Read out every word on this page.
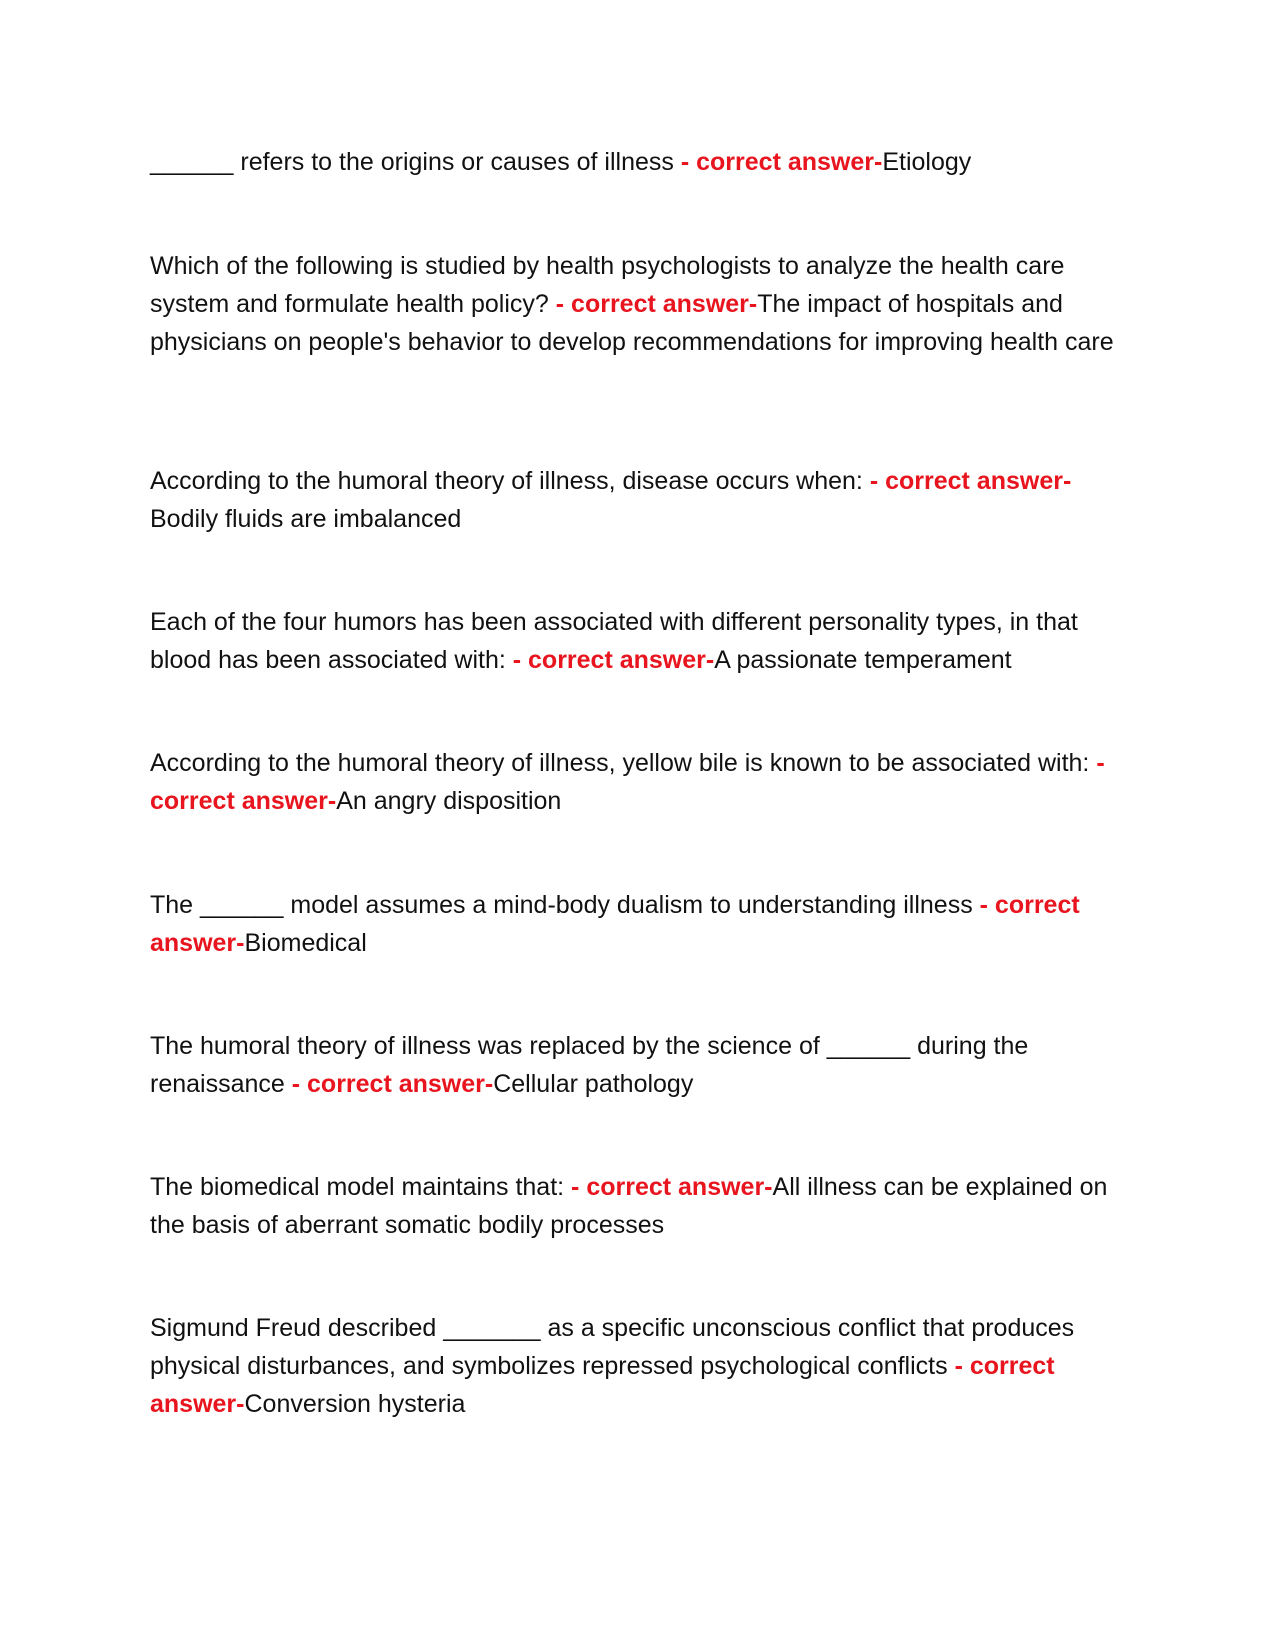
______ refers to the origins or causes of illness - correct answer-Etiology

Which of the following is studied by health psychologists to analyze the health care system and formulate health policy? - correct answer-The impact of hospitals and physicians on people's behavior to develop recommendations for improving health care

According to the humoral theory of illness, disease occurs when: - correct answer-Bodily fluids are imbalanced

Each of the four humors has been associated with different personality types, in that blood has been associated with: - correct answer-A passionate temperament

According to the humoral theory of illness, yellow bile is known to be associated with: - correct answer-An angry disposition

The ______ model assumes a mind-body dualism to understanding illness - correct answer-Biomedical

The humoral theory of illness was replaced by the science of ______ during the renaissance - correct answer-Cellular pathology

The biomedical model maintains that: - correct answer-All illness can be explained on the basis of aberrant somatic bodily processes

Sigmund Freud described _______ as a specific unconscious conflict that produces physical disturbances, and symbolizes repressed psychological conflicts - correct answer-Conversion hysteria
